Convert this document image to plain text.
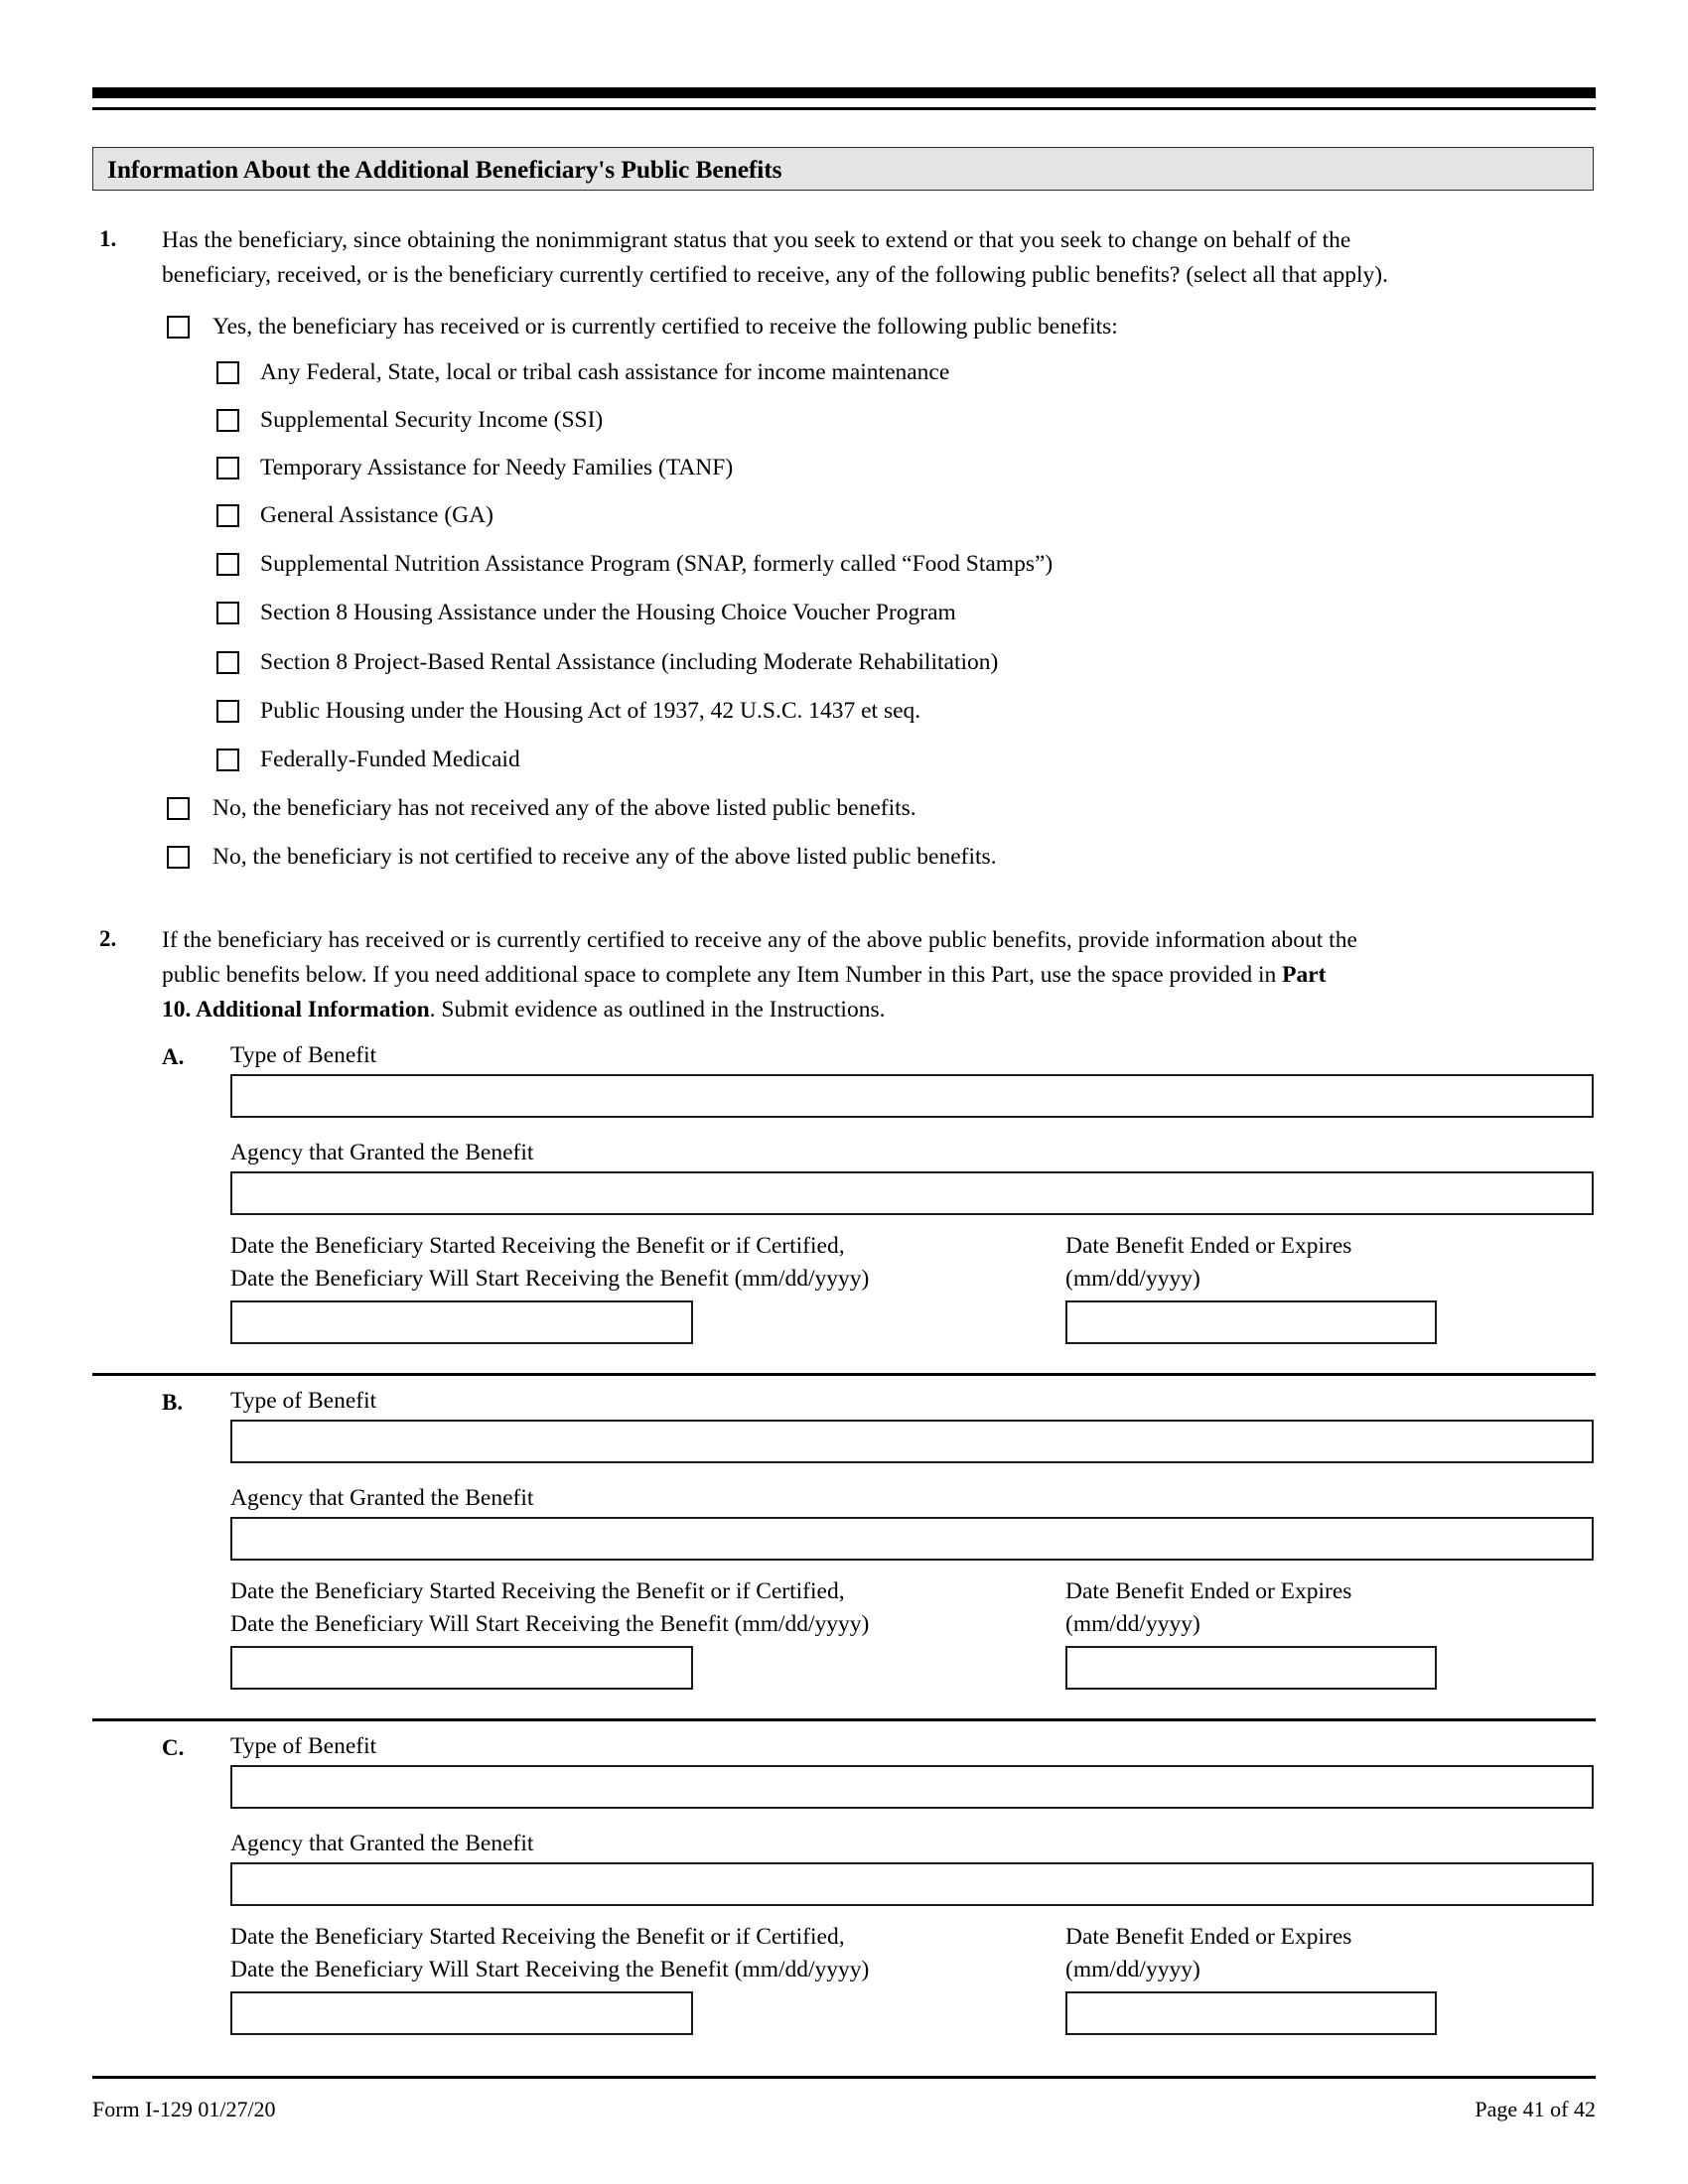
Information About the Additional Beneficiary's Public Benefits
1. Has the beneficiary, since obtaining the nonimmigrant status that you seek to extend or that you seek to change on behalf of the
beneficiary, received, or is the beneficiary currently certified to receive, any of the following public benefits? (select all that apply).
Yes, the beneficiary has received or is currently certified to receive the following public benefits:
Any Federal, State, local or tribal cash assistance for income maintenance
Supplemental Security Income (SSI)
Temporary Assistance for Needy Families (TANF)
General Assistance (GA)
Supplemental Nutrition Assistance Program (SNAP, formerly called “Food Stamps”)
Section 8 Housing Assistance under the Housing Choice Voucher Program
Section 8 Project-Based Rental Assistance (including Moderate Rehabilitation)
Public Housing under the Housing Act of 1937, 42 U.S.C. 1437 et seq.
Federally-Funded Medicaid
No, the beneficiary has not received any of the above listed public benefits.
No, the beneficiary is not certified to receive any of the above listed public benefits.
2. If the beneficiary has received or is currently certified to receive any of the above public benefits, provide information about the
public benefits below. If you need additional space to complete any Item Number in this Part, use the space provided in Part
10. Additional Information. Submit evidence as outlined in the Instructions.
A. Type of Benefit
Agency that Granted the Benefit
Date the Beneficiary Started Receiving the Benefit or if Certified,
Date the Beneficiary Will Start Receiving the Benefit (mm/dd/yyyy)
Date Benefit Ended or Expires
(mm/dd/yyyy)
B. Type of Benefit
Agency that Granted the Benefit
Date the Beneficiary Started Receiving the Benefit or if Certified,
Date the Beneficiary Will Start Receiving the Benefit (mm/dd/yyyy)
Date Benefit Ended or Expires
(mm/dd/yyyy)
C. Type of Benefit
Agency that Granted the Benefit
Date the Beneficiary Started Receiving the Benefit or if Certified,
Date the Beneficiary Will Start Receiving the Benefit (mm/dd/yyyy)
Date Benefit Ended or Expires
(mm/dd/yyyy)
Form I-129 01/27/20	Page 41 of 42
